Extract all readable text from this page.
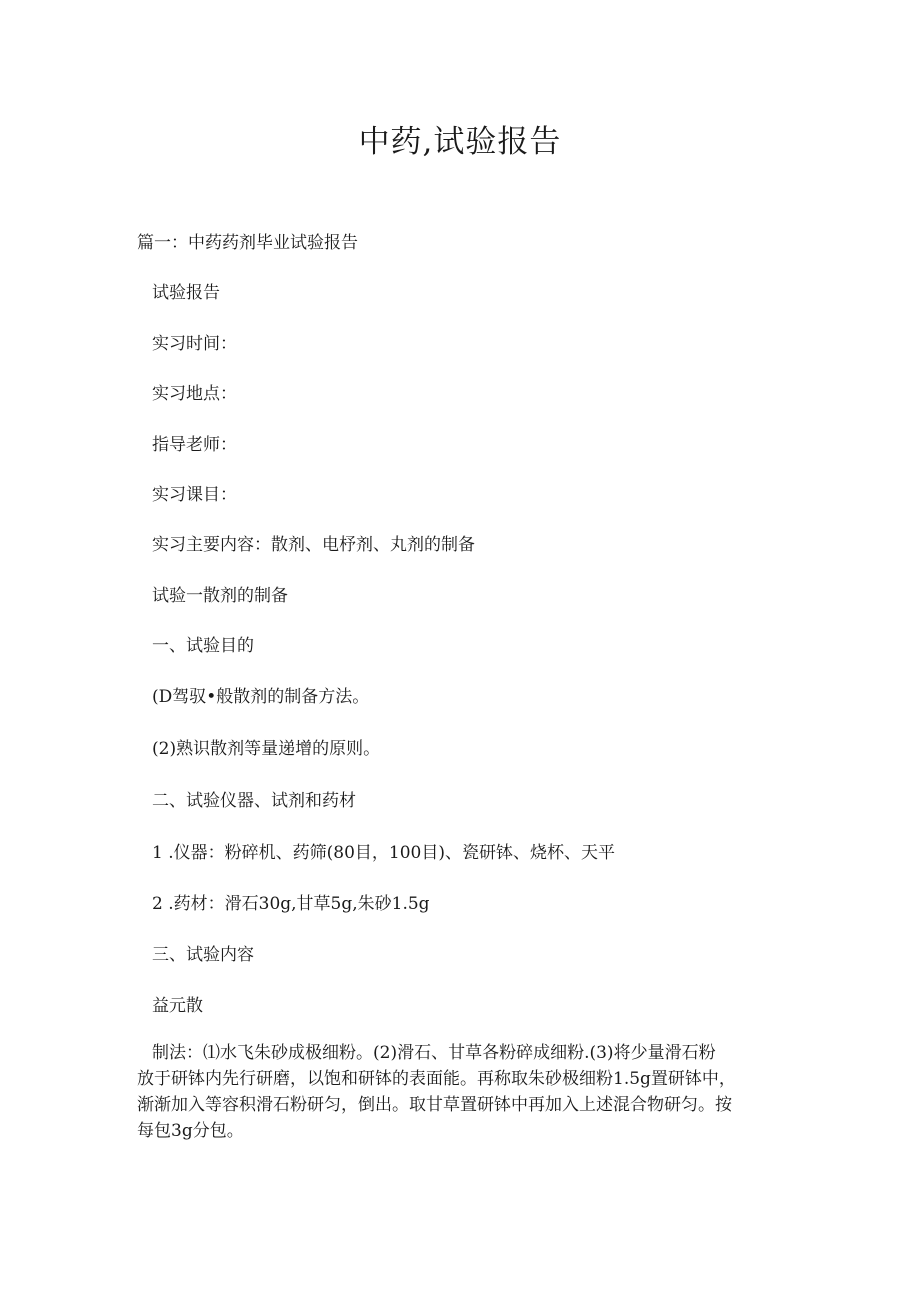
中药,试验报告

篇一：中药药剂毕业试验报告

试验报告

实习时间：

实习地点：

指导老师：

实习课目：

实习主要内容：散剂、电杼剂、丸剂的制备

试验一散剂的制备

一、试验目的

(D驾驭•般散剂的制备方法。

(2)熟识散剂等量递增的原则。

二、试验仪器、试剂和药材

1 .仪器：粉碎机、药筛(80目，100目)、瓷研钵、烧杯、天平

2 .药材：滑石30g,甘草5g,朱砂1.5g

三、试验内容

益元散

制法：⑴水飞朱砂成极细粉。(2)滑石、甘草各粉碎成细粉.(3)将少量滑石粉
放于研钵内先行研磨，以饱和研钵的表面能。再称取朱砂极细粉1.5g置研钵中，
渐渐加入等容积滑石粉研匀，倒出。取甘草置研钵中再加入上述混合物研匀。按
每包3g分包。
